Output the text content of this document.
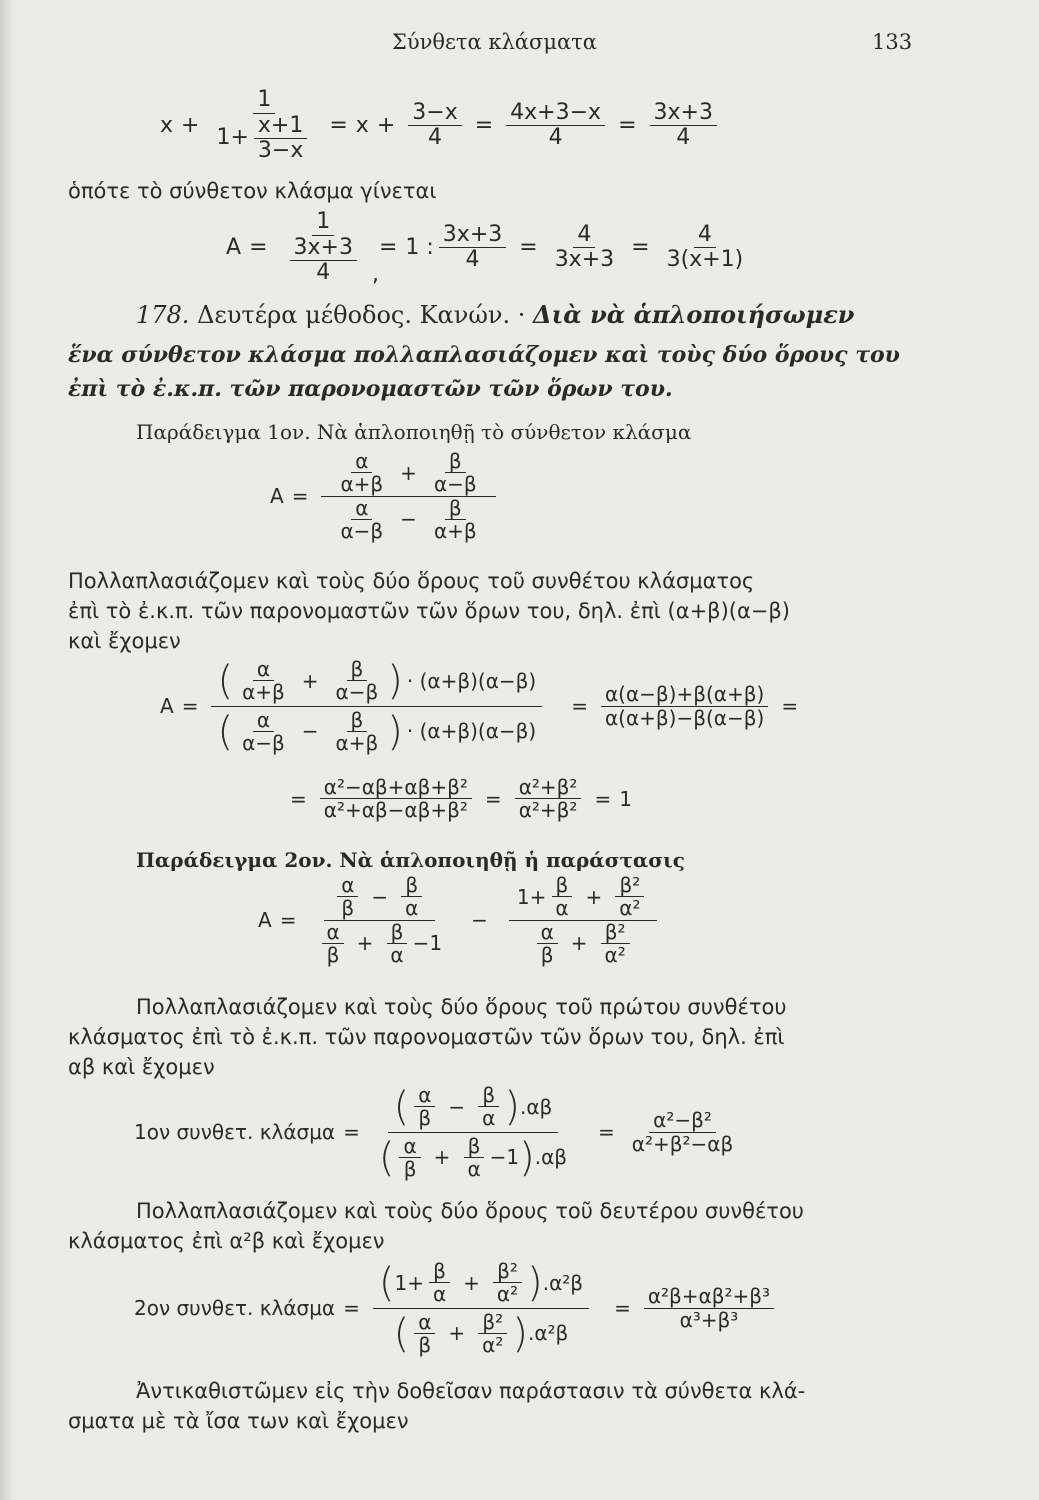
Σύνθετα κλάσματα	133
$x + \frac{1}{1+ \frac{x+1}{3-x}} = x + \frac{3-x}{4} = \frac{4x+3-x}{4} = \frac{3x+3}{4}$
ὁπότε τὸ σύνθετον κλάσμα γίνεται
$A = \frac{1}{\frac{3x+3}{4}} = 1$ : $\frac{3x+3}{4} = \frac{4}{3x+3} = \frac{4}{3(x+1)}$
,
178. Δευτέρα μέθοδος. Κανών. · Διὰ νὰ ἁπλοποιήσωμεν
ἕνα σύνθετον κλάσμα πολλαπλασιάζομεν καὶ τοὺς δύο ὅρους του
ἐπὶ τὸ ἐ.κ.π. τῶν παρονομαστῶν τῶν ὅρων του.
Παράδειγμα 1ον. Νὰ ἁπλοποιηθῇ τὸ σύνθετον κλάσμα
$A = \frac{\frac{\alpha}{\alpha+\beta} + \frac{\beta}{\alpha-\beta}}{\frac{\alpha}{\alpha-\beta} - \frac{\beta}{\alpha+\beta}}$
Πολλαπλασιάζομεν καὶ τοὺς δύο ὅρους τοῦ συνθέτου κλάσματος
ἐπὶ τὸ ἐ.κ.π. τῶν παρονομαστῶν τῶν ὅρων του, δηλ. ἐπὶ (α+β)(α−β)
καὶ ἔχομεν
$A = \frac{( \frac{\alpha}{\alpha+\beta} + \frac{\beta}{\alpha-\beta} ) \cdot (\alpha+\beta)(\alpha-\beta)}{( \frac{\alpha}{\alpha-\beta} - \frac{\beta}{\alpha+\beta} ) \cdot (\alpha+\beta)(\alpha-\beta)} = \frac{\alpha(\alpha-\beta)+\beta(\alpha+\beta)}{\alpha(\alpha+\beta)-\beta(\alpha-\beta)}$ =
= $\frac{\text{α²−αβ+αβ+β²}}{\text{α²+αβ−αβ+β²}} = \frac{\text{α²+β²}}{\text{α²+β²}} = 1$
Παράδειγμα 2ον. Νὰ ἁπλοποιηθῇ ἡ παράστασις
$A = \frac{\frac{\alpha}{\beta} - \frac{\beta}{\alpha}}{\frac{\alpha}{\beta} + \frac{\beta}{\alpha} -1} - \frac{1+ \frac{\beta}{\alpha} + \frac{\text{β²}}{\text{α²}}}{\frac{\alpha}{\beta} + \frac{\text{β²}}{\text{α²}}}$
Πολλαπλασιάζομεν καὶ τοὺς δύο ὅρους τοῦ πρώτου συνθέτου
κλάσματος ἐπὶ τὸ ἐ.κ.π. τῶν παρονομαστῶν τῶν ὅρων του, δηλ. ἐπὶ
αβ καὶ ἔχομεν
1ον συνθετ. $\kappa\lambda ά\sigma\mu\alpha = \frac{( \frac{\alpha}{\beta} - \frac{\beta}{\alpha} ) .\alpha\beta}{( \frac{\alpha}{\beta} + \frac{\beta}{\alpha} -1 ) .\alpha\beta} = \frac{\text{α²−β²}}{\text{α²+β²−αβ}}$
Πολλαπλασιάζομεν καὶ τοὺς δύο ὅρους τοῦ δευτέρου συνθέτου
κλάσματος ἐπὶ α²β καὶ ἔχομεν
2ον συνθετ. $\kappa\lambda ά\sigma\mu\alpha = \frac{( 1+ \frac{\beta}{\alpha} + \frac{\text{β²}}{\text{α²}} ) .\alpha^2\beta}{( \frac{\alpha}{\beta} + \frac{\text{β²}}{\text{α²}} ) .\alpha^2\beta} = \frac{\text{α²β+αβ²+β³}}{\text{α³+β³}}$
Ἀντικαθιστῶμεν εἰς τὴν δοθεῖσαν παράστασιν τὰ σύνθετα κλά-
σματα μὲ τὰ ἴσα των καὶ ἔχομεν
